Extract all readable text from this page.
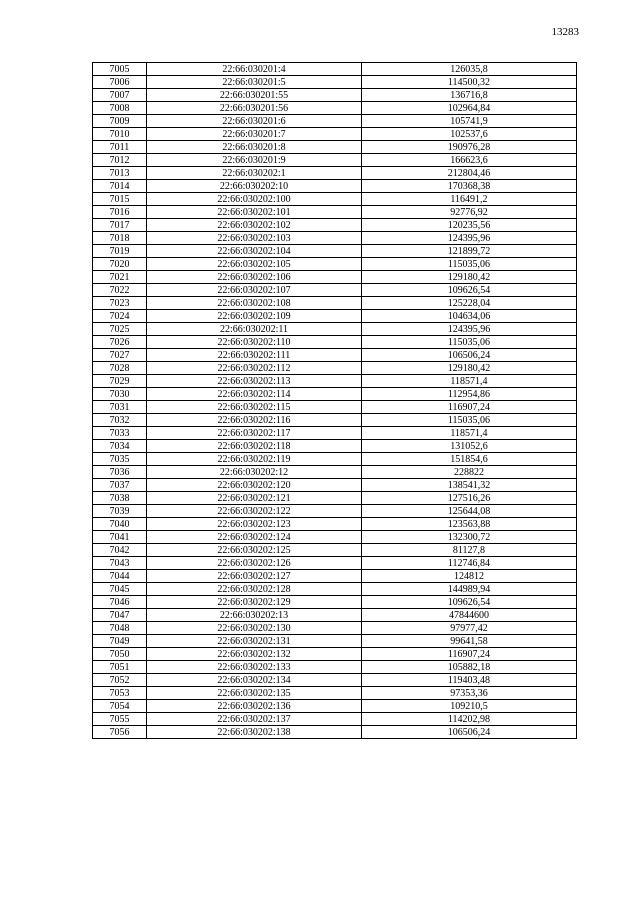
13283
7005	22:66:030201:4	126035,8
7006	22:66:030201:5	114500,32
7007	22:66:030201:55	136716,8
7008	22:66:030201:56	102964,84
7009	22:66:030201:6	105741,9
7010	22:66:030201:7	102537,6
7011	22:66:030201:8	190976,28
7012	22:66:030201:9	166623,6
7013	22:66:030202:1	212804,46
7014	22:66:030202:10	170368,38
7015	22:66:030202:100	116491,2
7016	22:66:030202:101	92776,92
7017	22:66:030202:102	120235,56
7018	22:66:030202:103	124395,96
7019	22:66:030202:104	121899,72
7020	22:66:030202:105	115035,06
7021	22:66:030202:106	129180,42
7022	22:66:030202:107	109626,54
7023	22:66:030202:108	125228,04
7024	22:66:030202:109	104634,06
7025	22:66:030202:11	124395,96
7026	22:66:030202:110	115035,06
7027	22:66:030202:111	106506,24
7028	22:66:030202:112	129180,42
7029	22:66:030202:113	118571,4
7030	22:66:030202:114	112954,86
7031	22:66:030202:115	116907,24
7032	22:66:030202:116	115035,06
7033	22:66:030202:117	118571,4
7034	22:66:030202:118	131052,6
7035	22:66:030202:119	151854,6
7036	22:66:030202:12	228822
7037	22:66:030202:120	138541,32
7038	22:66:030202:121	127516,26
7039	22:66:030202:122	125644,08
7040	22:66:030202:123	123563,88
7041	22:66:030202:124	132300,72
7042	22:66:030202:125	81127,8
7043	22:66:030202:126	112746,84
7044	22:66:030202:127	124812
7045	22:66:030202:128	144989,94
7046	22:66:030202:129	109626,54
7047	22:66:030202:13	47844600
7048	22:66:030202:130	97977,42
7049	22:66:030202:131	99641,58
7050	22:66:030202:132	116907,24
7051	22:66:030202:133	105882,18
7052	22:66:030202:134	119403,48
7053	22:66:030202:135	97353,36
7054	22:66:030202:136	109210,5
7055	22:66:030202:137	114202,98
7056	22:66:030202:138	106506,24
